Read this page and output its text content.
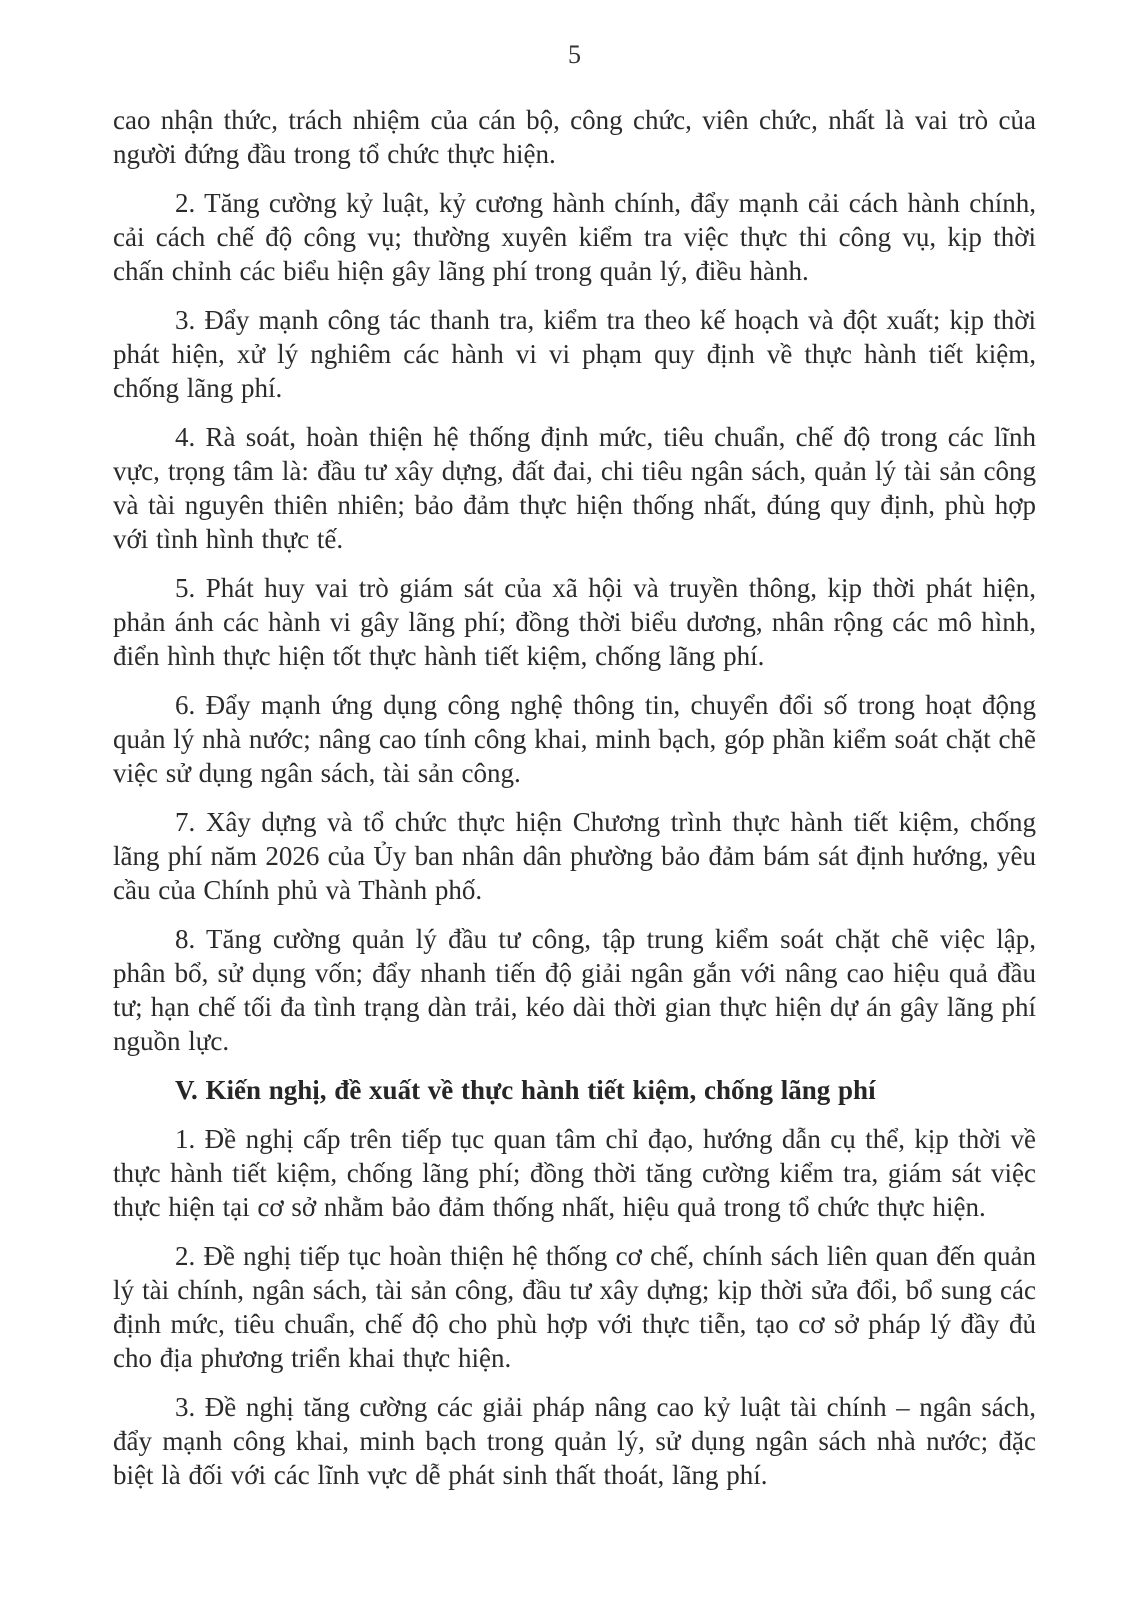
5

cao nhận thức, trách nhiệm của cán bộ, công chức, viên chức, nhất là vai trò của người đứng đầu trong tổ chức thực hiện.

2. Tăng cường kỷ luật, kỷ cương hành chính, đẩy mạnh cải cách hành chính, cải cách chế độ công vụ; thường xuyên kiểm tra việc thực thi công vụ, kịp thời chấn chỉnh các biểu hiện gây lãng phí trong quản lý, điều hành.

3. Đẩy mạnh công tác thanh tra, kiểm tra theo kế hoạch và đột xuất; kịp thời phát hiện, xử lý nghiêm các hành vi vi phạm quy định về thực hành tiết kiệm, chống lãng phí.

4. Rà soát, hoàn thiện hệ thống định mức, tiêu chuẩn, chế độ trong các lĩnh vực, trọng tâm là: đầu tư xây dựng, đất đai, chi tiêu ngân sách, quản lý tài sản công và tài nguyên thiên nhiên; bảo đảm thực hiện thống nhất, đúng quy định, phù hợp với tình hình thực tế.

5. Phát huy vai trò giám sát của xã hội và truyền thông, kịp thời phát hiện, phản ánh các hành vi gây lãng phí; đồng thời biểu dương, nhân rộng các mô hình, điển hình thực hiện tốt thực hành tiết kiệm, chống lãng phí.

6. Đẩy mạnh ứng dụng công nghệ thông tin, chuyển đổi số trong hoạt động quản lý nhà nước; nâng cao tính công khai, minh bạch, góp phần kiểm soát chặt chẽ việc sử dụng ngân sách, tài sản công.

7. Xây dựng và tổ chức thực hiện Chương trình thực hành tiết kiệm, chống lãng phí năm 2026 của Ủy ban nhân dân phường bảo đảm bám sát định hướng, yêu cầu của Chính phủ và Thành phố.

8. Tăng cường quản lý đầu tư công, tập trung kiểm soát chặt chẽ việc lập, phân bổ, sử dụng vốn; đẩy nhanh tiến độ giải ngân gắn với nâng cao hiệu quả đầu tư; hạn chế tối đa tình trạng dàn trải, kéo dài thời gian thực hiện dự án gây lãng phí nguồn lực.

V. Kiến nghị, đề xuất về thực hành tiết kiệm, chống lãng phí

1. Đề nghị cấp trên tiếp tục quan tâm chỉ đạo, hướng dẫn cụ thể, kịp thời về thực hành tiết kiệm, chống lãng phí; đồng thời tăng cường kiểm tra, giám sát việc thực hiện tại cơ sở nhằm bảo đảm thống nhất, hiệu quả trong tổ chức thực hiện.

2. Đề nghị tiếp tục hoàn thiện hệ thống cơ chế, chính sách liên quan đến quản lý tài chính, ngân sách, tài sản công, đầu tư xây dựng; kịp thời sửa đổi, bổ sung các định mức, tiêu chuẩn, chế độ cho phù hợp với thực tiễn, tạo cơ sở pháp lý đầy đủ cho địa phương triển khai thực hiện.

3. Đề nghị tăng cường các giải pháp nâng cao kỷ luật tài chính – ngân sách, đẩy mạnh công khai, minh bạch trong quản lý, sử dụng ngân sách nhà nước; đặc biệt là đối với các lĩnh vực dễ phát sinh thất thoát, lãng phí.
